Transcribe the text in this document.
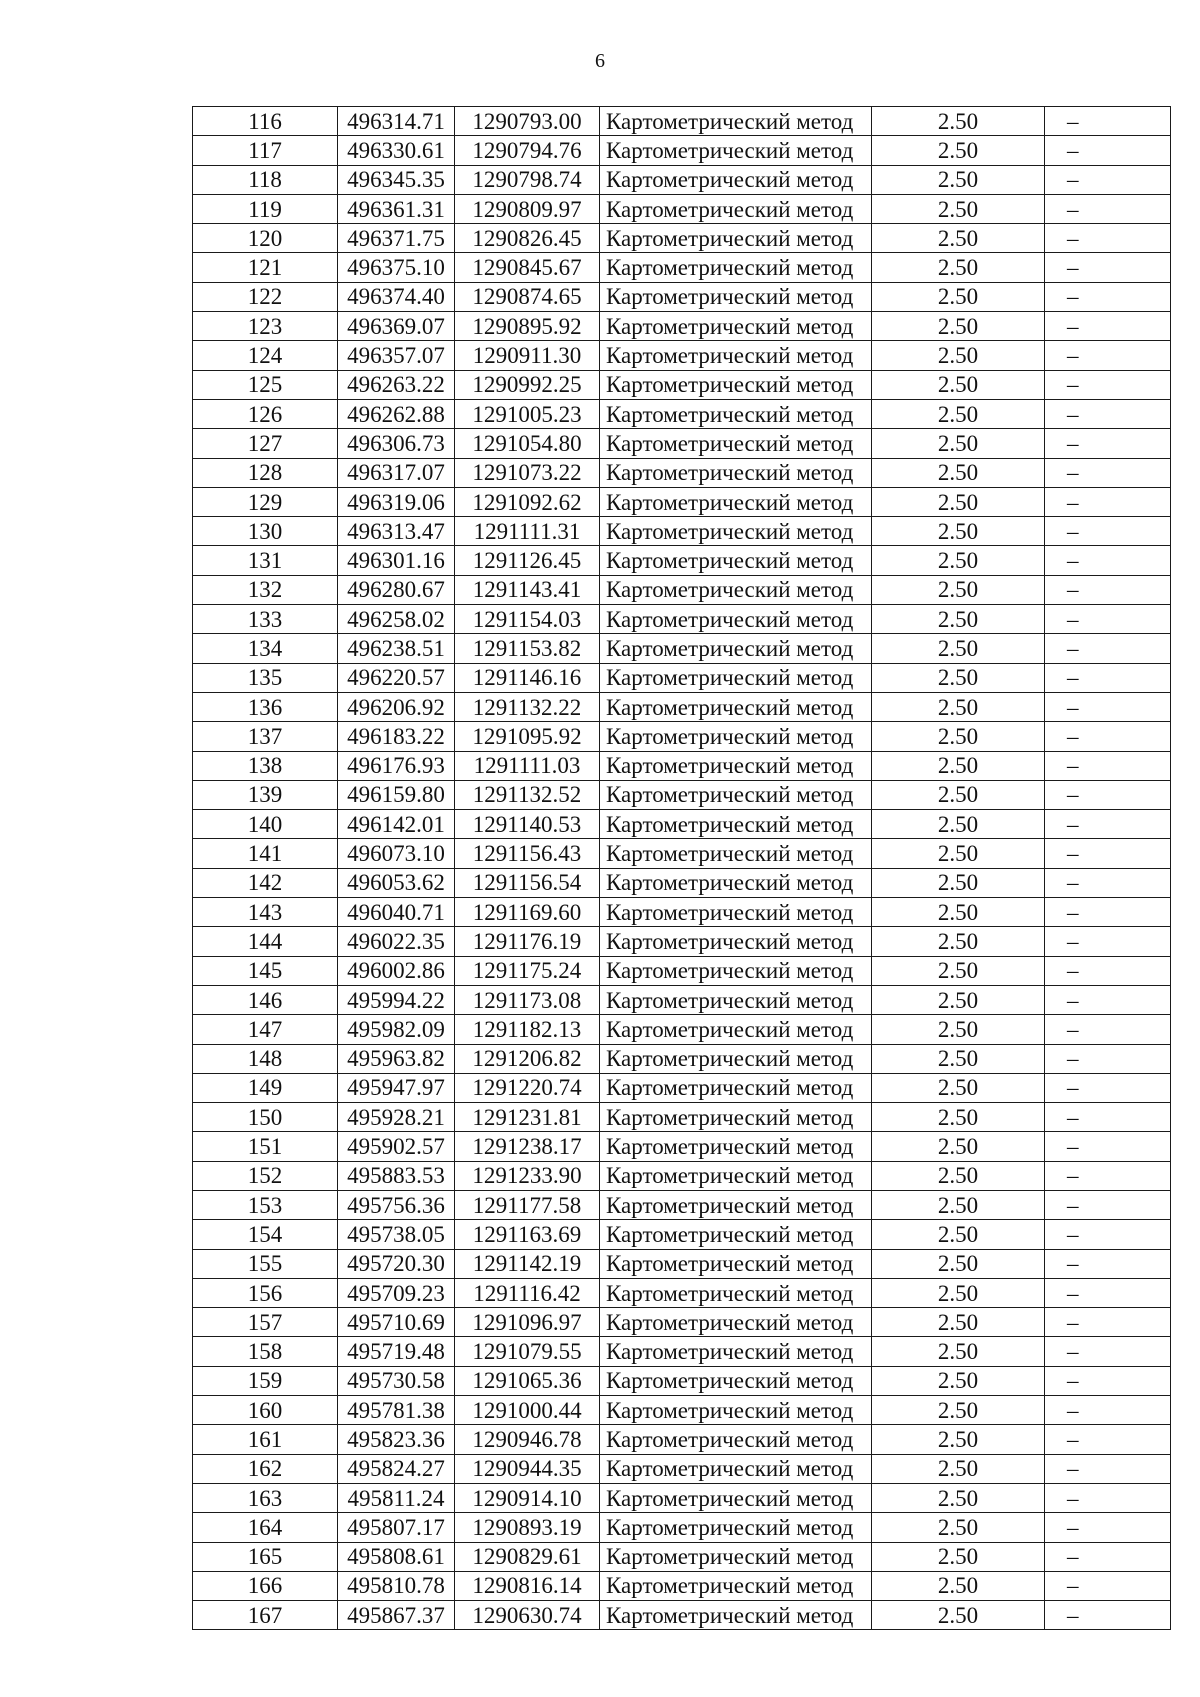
6
116	496314.71	1290793.00	Картометрический метод	2.50	–
117	496330.61	1290794.76	Картометрический метод	2.50	–
118	496345.35	1290798.74	Картометрический метод	2.50	–
119	496361.31	1290809.97	Картометрический метод	2.50	–
120	496371.75	1290826.45	Картометрический метод	2.50	–
121	496375.10	1290845.67	Картометрический метод	2.50	–
122	496374.40	1290874.65	Картометрический метод	2.50	–
123	496369.07	1290895.92	Картометрический метод	2.50	–
124	496357.07	1290911.30	Картометрический метод	2.50	–
125	496263.22	1290992.25	Картометрический метод	2.50	–
126	496262.88	1291005.23	Картометрический метод	2.50	–
127	496306.73	1291054.80	Картометрический метод	2.50	–
128	496317.07	1291073.22	Картометрический метод	2.50	–
129	496319.06	1291092.62	Картометрический метод	2.50	–
130	496313.47	1291111.31	Картометрический метод	2.50	–
131	496301.16	1291126.45	Картометрический метод	2.50	–
132	496280.67	1291143.41	Картометрический метод	2.50	–
133	496258.02	1291154.03	Картометрический метод	2.50	–
134	496238.51	1291153.82	Картометрический метод	2.50	–
135	496220.57	1291146.16	Картометрический метод	2.50	–
136	496206.92	1291132.22	Картометрический метод	2.50	–
137	496183.22	1291095.92	Картометрический метод	2.50	–
138	496176.93	1291111.03	Картометрический метод	2.50	–
139	496159.80	1291132.52	Картометрический метод	2.50	–
140	496142.01	1291140.53	Картометрический метод	2.50	–
141	496073.10	1291156.43	Картометрический метод	2.50	–
142	496053.62	1291156.54	Картометрический метод	2.50	–
143	496040.71	1291169.60	Картометрический метод	2.50	–
144	496022.35	1291176.19	Картометрический метод	2.50	–
145	496002.86	1291175.24	Картометрический метод	2.50	–
146	495994.22	1291173.08	Картометрический метод	2.50	–
147	495982.09	1291182.13	Картометрический метод	2.50	–
148	495963.82	1291206.82	Картометрический метод	2.50	–
149	495947.97	1291220.74	Картометрический метод	2.50	–
150	495928.21	1291231.81	Картометрический метод	2.50	–
151	495902.57	1291238.17	Картометрический метод	2.50	–
152	495883.53	1291233.90	Картометрический метод	2.50	–
153	495756.36	1291177.58	Картометрический метод	2.50	–
154	495738.05	1291163.69	Картометрический метод	2.50	–
155	495720.30	1291142.19	Картометрический метод	2.50	–
156	495709.23	1291116.42	Картометрический метод	2.50	–
157	495710.69	1291096.97	Картометрический метод	2.50	–
158	495719.48	1291079.55	Картометрический метод	2.50	–
159	495730.58	1291065.36	Картометрический метод	2.50	–
160	495781.38	1291000.44	Картометрический метод	2.50	–
161	495823.36	1290946.78	Картометрический метод	2.50	–
162	495824.27	1290944.35	Картометрический метод	2.50	–
163	495811.24	1290914.10	Картометрический метод	2.50	–
164	495807.17	1290893.19	Картометрический метод	2.50	–
165	495808.61	1290829.61	Картометрический метод	2.50	–
166	495810.78	1290816.14	Картометрический метод	2.50	–
167	495867.37	1290630.74	Картометрический метод	2.50	–
